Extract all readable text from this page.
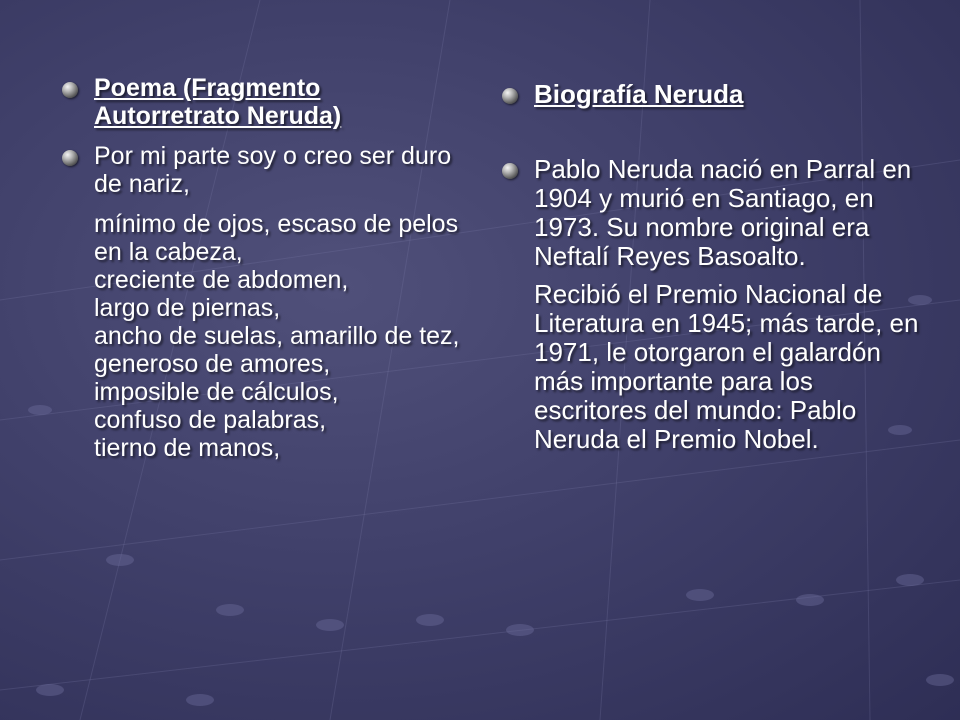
Poema (Fragmento Autorretrato Neruda)
Por mi parte soy o creo ser duro de nariz,
mínimo de ojos, escaso de pelos en la cabeza,
creciente de abdomen,
largo de piernas,
ancho de suelas, amarillo de tez,
generoso de amores,
imposible de cálculos,
confuso de palabras,
tierno de manos,
Biografía Neruda
Pablo Neruda nació en Parral en 1904 y murió en Santiago, en 1973. Su nombre original era Neftalí Reyes Basoalto.
Recibió el Premio Nacional de Literatura en 1945; más tarde, en 1971, le otorgaron el galardón más importante para los escritores del mundo: Pablo Neruda el Premio Nobel.
